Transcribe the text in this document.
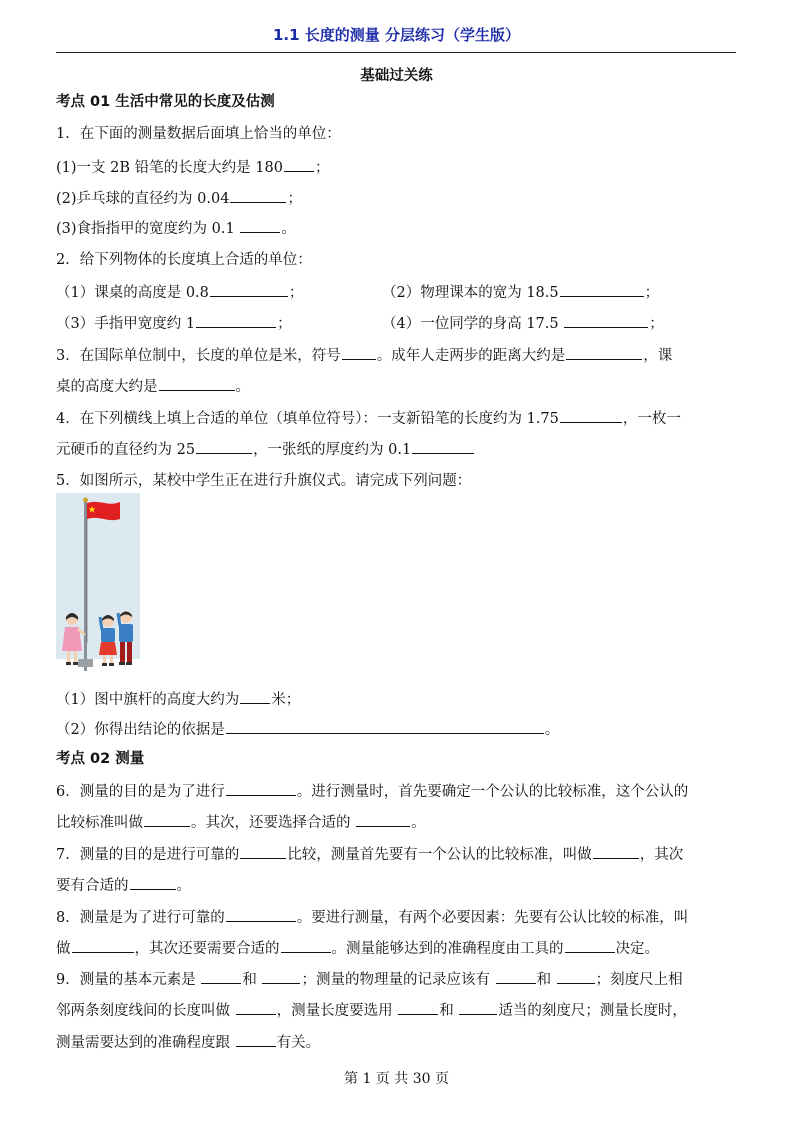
1.1 长度的测量 分层练习（学生版）
基础过关练
考点 01 生活中常见的长度及估测
1．在下面的测量数据后面填上恰当的单位：
(1)一支 2B 铅笔的长度大约是 180 ；
(2)乒乓球的直径约为 0.04	；
(3)食指指甲的宽度约为 0.1	。
2．给下列物体的长度填上合适的单位：
（1）课桌的高度是 0.8	；	（2）物理课本的宽为 18.5	；
（3）手指甲宽度约 1	；	（4）一位同学的身高 17.5	；
3．在国际单位制中，长度的单位是米，符号 。成年人走两步的距离大约是	，课
桌的高度大约是	。
4．在下列横线上填上合适的单位（填单位符号）：一支新铅笔的长度约为 1.75	，一枚一
元硬币的直径约为 25	，一张纸的厚度约为 0.1
5．如图所示，某校中学生正在进行升旗仪式。请完成下列问题：
（1）图中旗杆的高度大约为 米；
（2）你得出结论的依据是	。
考点 02 测量
6．测量的目的是为了进行	。进行测量时，首先要确定一个公认的比较标准，这个公认的
比较标准叫做	。其次，还要选择合适的	。
7．测量的目的是进行可靠的	比较，测量首先要有一个公认的比较标准，叫做	，其次
要有合适的	。
8．测量是为了进行可靠的	。要进行测量，有两个必要因素：先要有公认比较的标准，叫
做	，其次还要需要合适的	。测量能够达到的准确程度由工具的	决定。
9．测量的基本元素是	和	；测量的物理量的记录应该有	和	；刻度尺上相
邻两条刻度线间的长度叫做	，测量长度要选用	和	适当的刻度尺；测量长度时，
测量需要达到的准确程度跟	有关。
第 1 页 共 30 页
